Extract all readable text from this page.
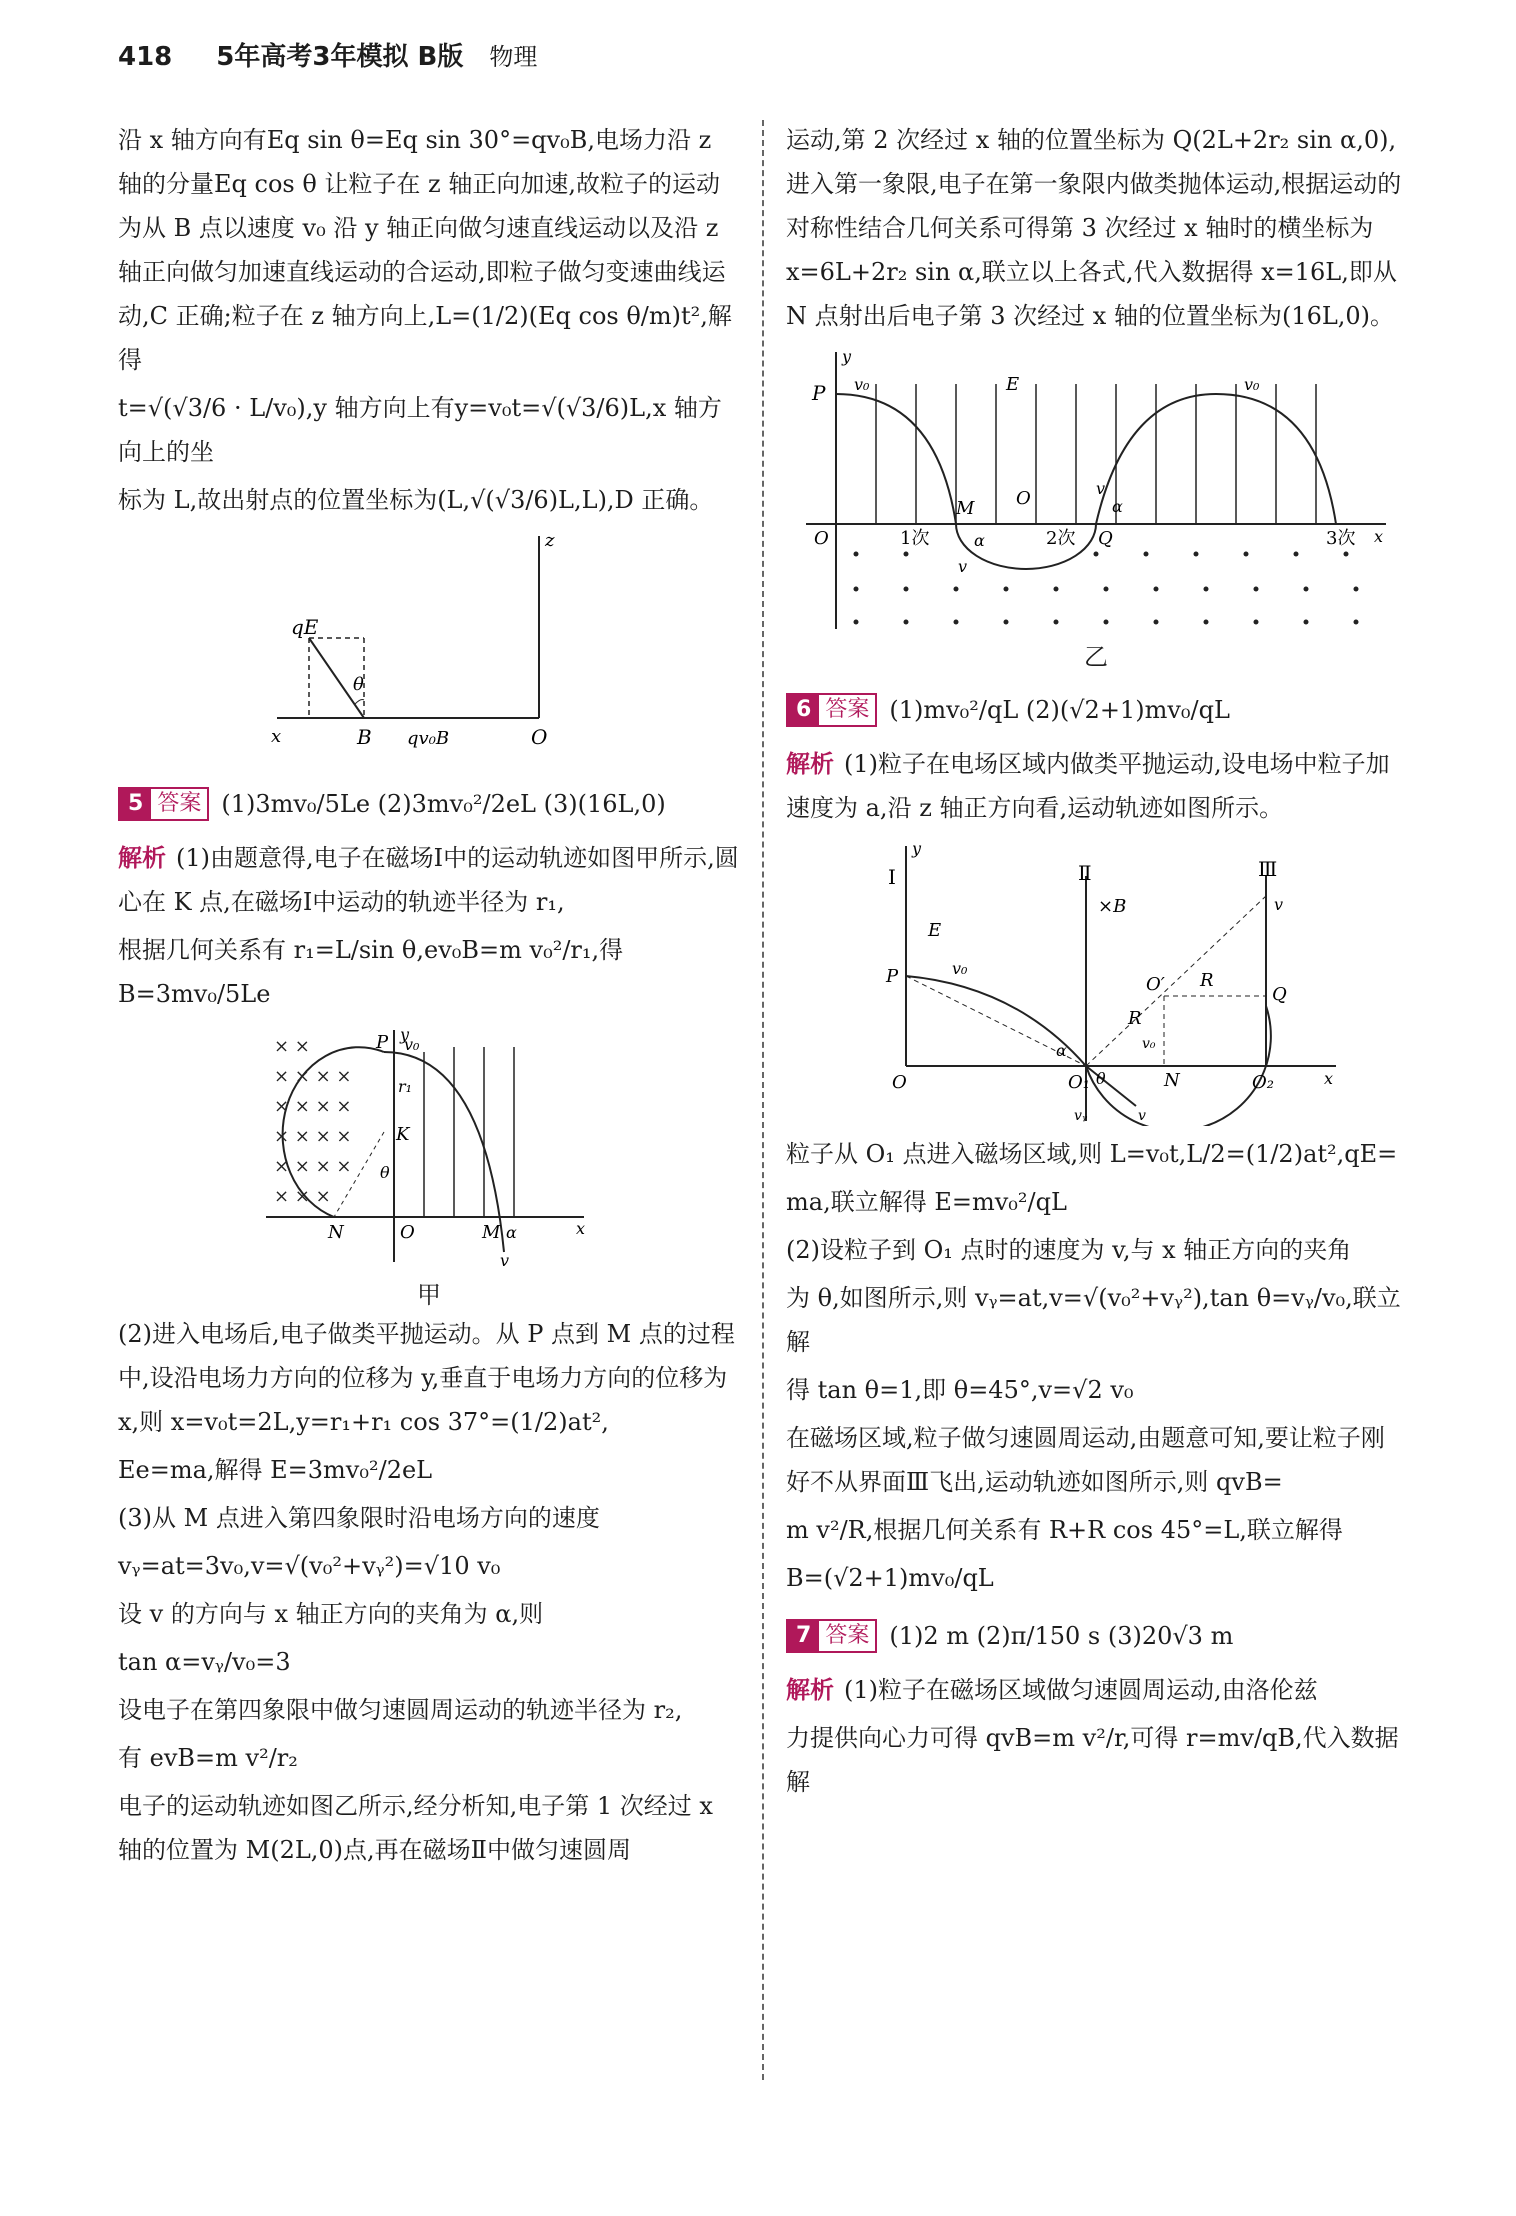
418 5年高考3年模拟 B版 物理

沿 x 轴方向有Eq sin θ=Eq sin 30°=qv₀B,电场力沿 z 轴的分量Eq cos θ 让粒子在 z 轴正向加速,故粒子的运动为从 B 点以速度 v₀ 沿 y 轴正向做匀速直线运动以及沿 z 轴正向做匀加速直线运动的合运动,即粒子做匀变速曲线运动,C 正确;粒子在 z 轴方向上,L=(1/2)(Eq cos θ/m)t²,解得

t=√(√3/6 · L/v₀),y 轴方向上有y=v₀t=√(√3/6)L,x 轴方向上的坐

标为 L,故出射点的位置坐标为(L,√(√3/6)L,L),D 正确。

qE
θ
x	B qv₀B	O
z
5 答案 (1)3mv₀/5Le (2)3mv₀²/2eL (3)(16L,0)

解析 (1)由题意得,电子在磁场Ⅰ中的运动轨迹如图甲所示,圆心在 K 点,在磁场Ⅰ中运动的轨迹半径为 r₁,

根据几何关系有 r₁=L/sin θ,ev₀B=m v₀²/r₁,得 B=3mv₀/5Le

× ×
× × × ×
× × × ×
× × × ×
× × × ×
× × ×
y
P v₀
r₁
K
θ
N	O	M α	x
v
甲

(2)进入电场后,电子做类平抛运动。从 P 点到 M 点的过程中,设沿电场力方向的位移为 y,垂直于电场力方向的位移为 x,则 x=v₀t=2L,y=r₁+r₁ cos 37°=(1/2)at²,

Ee=ma,解得 E=3mv₀²/2eL

(3)从 M 点进入第四象限时沿电场方向的速度

vᵧ=at=3v₀,v=√(v₀²+vᵧ²)=√10 v₀

设 v 的方向与 x 轴正方向的夹角为 α,则

tan α=vᵧ/v₀=3

设电子在第四象限中做匀速圆周运动的轨迹半径为 r₂,

有 evB=m v²/r₂

电子的运动轨迹如图乙所示,经分析知,电子第 1 次经过 x 轴的位置为 M(2L,0)点,再在磁场Ⅱ中做匀速圆周

运动,第 2 次经过 x 轴的位置坐标为 Q(2L+2r₂ sin α,0),进入第一象限,电子在第一象限内做类抛体运动,根据运动的对称性结合几何关系可得第 3 次经过 x 轴时的横坐标为 x=6L+2r₂ sin α,联立以上各式,代入数据得 x=16L,即从 N 点射出后电子第 3 次经过 x 轴的位置坐标为(16L,0)。

y
P v₀	E	v₀
O
M O
α
α
Q
v
1次	2次	3次 x
v
乙
6 答案 (1)mv₀²/qL (2)(√2+1)mv₀/qL

解析 (1)粒子在电场区域内做类平抛运动,设电场中粒子加速度为 a,沿 z 轴正方向看,运动轨迹如图所示。

y
Ⅰ	Ⅱ	Ⅲ
E
×B
P	v₀
v
O′ R
R
Q
α	v₀
O	O₁ θ	N	O₂	x
vᵧ	v

粒子从 O₁ 点进入磁场区域,则 L=v₀t,L/2=(1/2)at²,qE=

ma,联立解得 E=mv₀²/qL

(2)设粒子到 O₁ 点时的速度为 v,与 x 轴正方向的夹角

为 θ,如图所示,则 vᵧ=at,v=√(v₀²+vᵧ²),tan θ=vᵧ/v₀,联立解

得 tan θ=1,即 θ=45°,v=√2 v₀

在磁场区域,粒子做匀速圆周运动,由题意可知,要让粒子刚好不从界面Ⅲ飞出,运动轨迹如图所示,则 qvB=

m v²/R,根据几何关系有 R+R cos 45°=L,联立解得

B=(√2+1)mv₀/qL

7 答案 (1)2 m (2)π/150 s (3)20√3 m

解析 (1)粒子在磁场区域做匀速圆周运动,由洛伦兹

力提供向心力可得 qvB=m v²/r,可得 r=mv/qB,代入数据解
